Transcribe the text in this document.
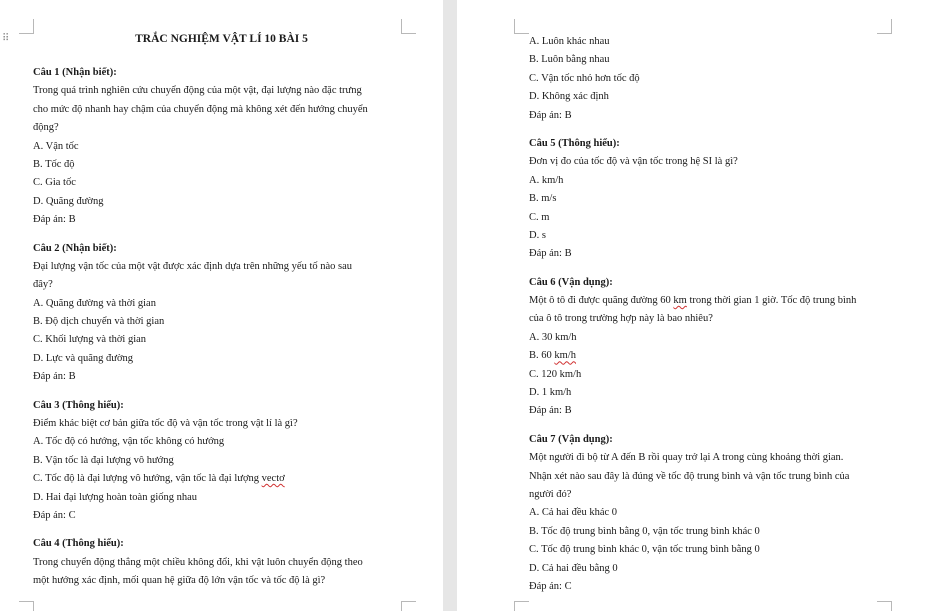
⠿	TRẮC NGHIỆM VẬT LÍ 10 BÀI 5
Câu 1 (Nhận biết):
Trong quá trình nghiên cứu chuyển động của một vật, đại lượng nào đặc trưng
cho mức độ nhanh hay chậm của chuyển động mà không xét đến hướng chuyển
động?
A. Vận tốc
B. Tốc độ
C. Gia tốc
D. Quãng đường
Đáp án: B
Câu 2 (Nhận biết):
Đại lượng vận tốc của một vật được xác định dựa trên những yếu tố nào sau
đây?
A. Quãng đường và thời gian
B. Độ dịch chuyển và thời gian
C. Khối lượng và thời gian
D. Lực và quãng đường
Đáp án: B
Câu 3 (Thông hiểu):
Điểm khác biệt cơ bản giữa tốc độ và vận tốc trong vật lí là gì?
A. Tốc độ có hướng, vận tốc không có hướng
B. Vận tốc là đại lượng vô hướng
C. Tốc độ là đại lượng vô hướng, vận tốc là đại lượng vectơ
D. Hai đại lượng hoàn toàn giống nhau
Đáp án: C
Câu 4 (Thông hiểu):
Trong chuyển động thẳng một chiều không đổi, khi vật luôn chuyển động theo
một hướng xác định, mối quan hệ giữa độ lớn vận tốc và tốc độ là gì?
A. Luôn khác nhau
B. Luôn bằng nhau
C. Vận tốc nhỏ hơn tốc độ
D. Không xác định
Đáp án: B
Câu 5 (Thông hiểu):
Đơn vị đo của tốc độ và vận tốc trong hệ SI là gì?
A. km/h
B. m/s
C. m
D. s
Đáp án: B
Câu 6 (Vận dụng):
Một ô tô đi được quãng đường 60 km trong thời gian 1 giờ. Tốc độ trung bình
của ô tô trong trường hợp này là bao nhiêu?
A. 30 km/h
B. 60 km/h
C. 120 km/h
D. 1 km/h
Đáp án: B
Câu 7 (Vận dụng):
Một người đi bộ từ A đến B rồi quay trở lại A trong cùng khoảng thời gian.
Nhận xét nào sau đây là đúng về tốc độ trung bình và vận tốc trung bình của
người đó?
A. Cả hai đều khác 0
B. Tốc độ trung bình bằng 0, vận tốc trung bình khác 0
C. Tốc độ trung bình khác 0, vận tốc trung bình bằng 0
D. Cả hai đều bằng 0
Đáp án: C
